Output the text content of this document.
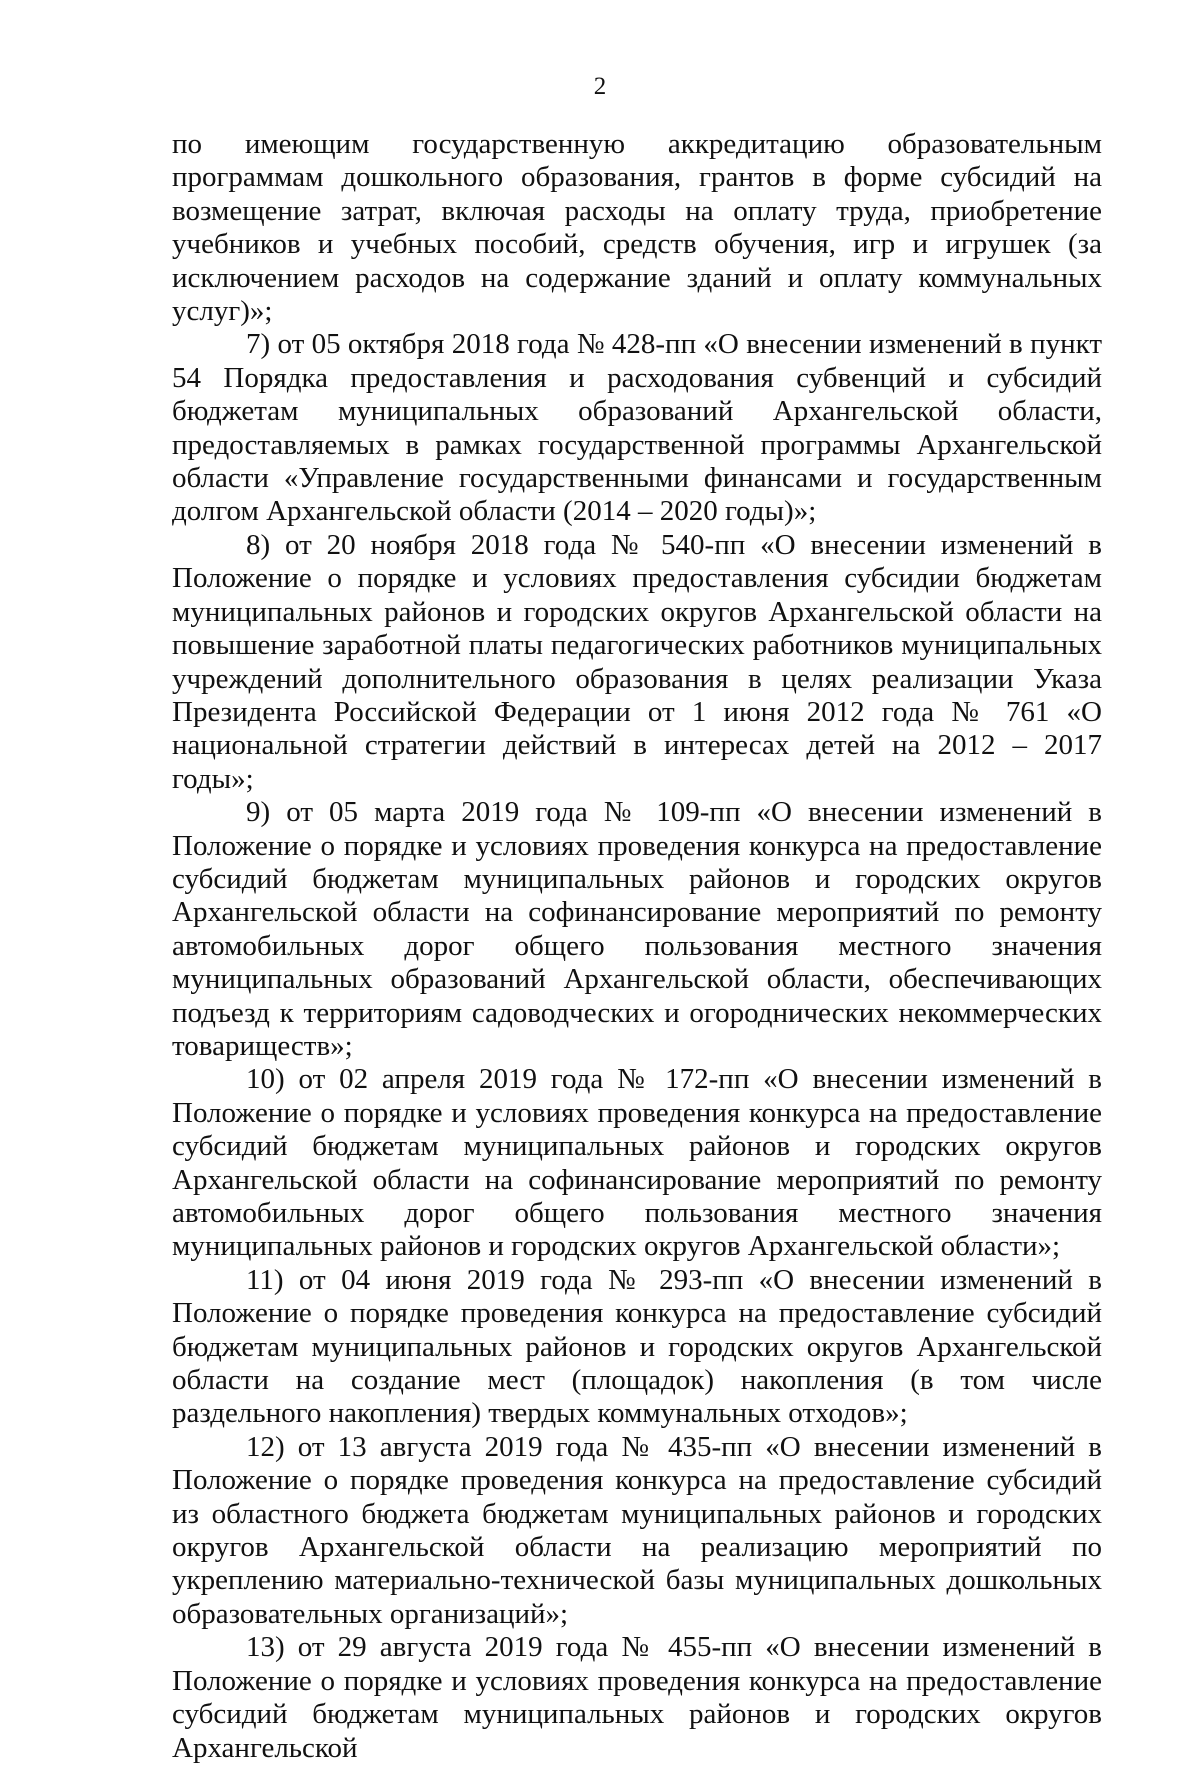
2

по имеющим государственную аккредитацию образовательным программам дошкольного образования, грантов в форме субсидий на возмещение затрат, включая расходы на оплату труда, приобретение учебников и учебных пособий, средств обучения, игр и игрушек (за исключением расходов на содержание зданий и оплату коммунальных услуг)»;

7) от 05 октября 2018 года № 428-пп «О внесении изменений в пункт 54 Порядка предоставления и расходования субвенций и субсидий бюджетам муниципальных образований Архангельской области, предоставляемых в рамках государственной программы Архангельской области «Управление государственными финансами и государственным долгом Архангельской области (2014 – 2020 годы)»;

8) от 20 ноября 2018 года № 540-пп «О внесении изменений в Положение о порядке и условиях предоставления субсидии бюджетам муниципальных районов и городских округов Архангельской области на повышение заработной платы педагогических работников муниципальных учреждений дополнительного образования в целях реализации Указа Президента Российской Федерации от 1 июня 2012 года № 761 «О национальной стратегии действий в интересах детей на 2012 – 2017 годы»;

9) от 05 марта 2019 года № 109-пп «О внесении изменений в Положение о порядке и условиях проведения конкурса на предоставление субсидий бюджетам муниципальных районов и городских округов Архангельской области на софинансирование мероприятий по ремонту автомобильных дорог общего пользования местного значения муниципальных образований Архангельской области, обеспечивающих подъезд к территориям садоводческих и огороднических некоммерческих товариществ»;

10) от 02 апреля 2019 года № 172-пп «О внесении изменений в Положение о порядке и условиях проведения конкурса на предоставление субсидий бюджетам муниципальных районов и городских округов Архангельской области на софинансирование мероприятий по ремонту автомобильных дорог общего пользования местного значения муниципальных районов и городских округов Архангельской области»;

11) от 04 июня 2019 года № 293-пп «О внесении изменений в Положение о порядке проведения конкурса на предоставление субсидий бюджетам муниципальных районов и городских округов Архангельской области на создание мест (площадок) накопления (в том числе раздельного накопления) твердых коммунальных отходов»;

12) от 13 августа 2019 года № 435-пп «О внесении изменений в Положение о порядке проведения конкурса на предоставление субсидий из областного бюджета бюджетам муниципальных районов и городских округов Архангельской области на реализацию мероприятий по укреплению материально-технической базы муниципальных дошкольных образовательных организаций»;

13) от 29 августа 2019 года № 455-пп «О внесении изменений в Положение о порядке и условиях проведения конкурса на предоставление субсидий бюджетам муниципальных районов и городских округов Архангельской
